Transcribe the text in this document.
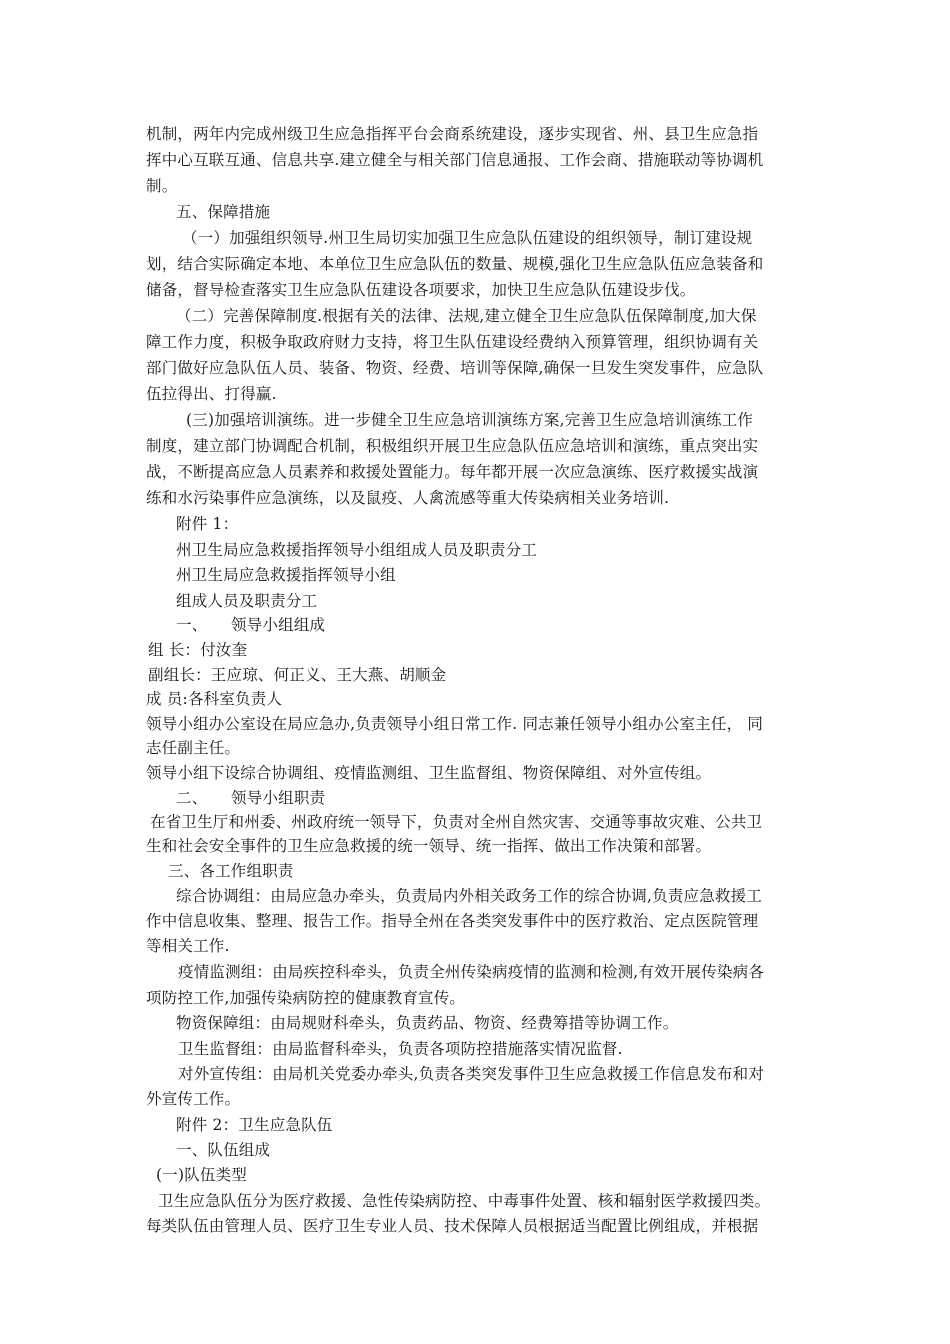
机制，两年内完成州级卫生应急指挥平台会商系统建设，逐步实现省、州、县卫生应急指
挥中心互联互通、信息共享.建立健全与相关部门信息通报、工作会商、措施联动等协调机
制。
五、保障措施
（一）加强组织领导.州卫生局切实加强卫生应急队伍建设的组织领导，制订建设规
划，结合实际确定本地、本单位卫生应急队伍的数量、规模,强化卫生应急队伍应急装备和
储备，督导检查落实卫生应急队伍建设各项要求，加快卫生应急队伍建设步伐。
（二）完善保障制度.根据有关的法律、法规,建立健全卫生应急队伍保障制度,加大保
障工作力度，积极争取政府财力支持，将卫生队伍建设经费纳入预算管理，组织协调有关
部门做好应急队伍人员、装备、物资、经费、培训等保障,确保一旦发生突发事件，应急队
伍拉得出、打得赢.
(三)加强培训演练。进一步健全卫生应急培训演练方案,完善卫生应急培训演练工作
制度，建立部门协调配合机制，积极组织开展卫生应急队伍应急培训和演练，重点突出实
战，不断提高应急人员素养和救援处置能力。每年都开展一次应急演练、医疗救援实战演
练和水污染事件应急演练，以及鼠疫、人禽流感等重大传染病相关业务培训.
附件 1：
州卫生局应急救援指挥领导小组组成人员及职责分工
州卫生局应急救援指挥领导小组
组成人员及职责分工
一、　　领导小组组成
组 长：付汝奎
副组长：王应琼、何正义、王大燕、胡顺金
成 员:各科室负责人
领导小组办公室设在局应急办,负责领导小组日常工作. 同志兼任领导小组办公室主任， 同
志任副主任。
领导小组下设综合协调组、疫情监测组、卫生监督组、物资保障组、对外宣传组。
二、　　领导小组职责
在省卫生厅和州委、州政府统一领导下，负责对全州自然灾害、交通等事故灾难、公共卫
生和社会安全事件的卫生应急救援的统一领导、统一指挥、做出工作决策和部署。
三、各工作组职责
综合协调组：由局应急办牵头，负责局内外相关政务工作的综合协调,负责应急救援工
作中信息收集、整理、报告工作。指导全州在各类突发事件中的医疗救治、定点医院管理
等相关工作.
疫情监测组：由局疾控科牵头，负责全州传染病疫情的监测和检测,有效开展传染病各
项防控工作,加强传染病防控的健康教育宣传。
物资保障组：由局规财科牵头，负责药品、物资、经费筹措等协调工作。
卫生监督组：由局监督科牵头，负责各项防控措施落实情况监督.
对外宣传组：由局机关党委办牵头,负责各类突发事件卫生应急救援工作信息发布和对
外宣传工作。
附件 2：卫生应急队伍
一、队伍组成
(一)队伍类型
卫生应急队伍分为医疗救援、急性传染病防控、中毒事件处置、核和辐射医学救援四类。
每类队伍由管理人员、医疗卫生专业人员、技术保障人员根据适当配置比例组成，并根据
